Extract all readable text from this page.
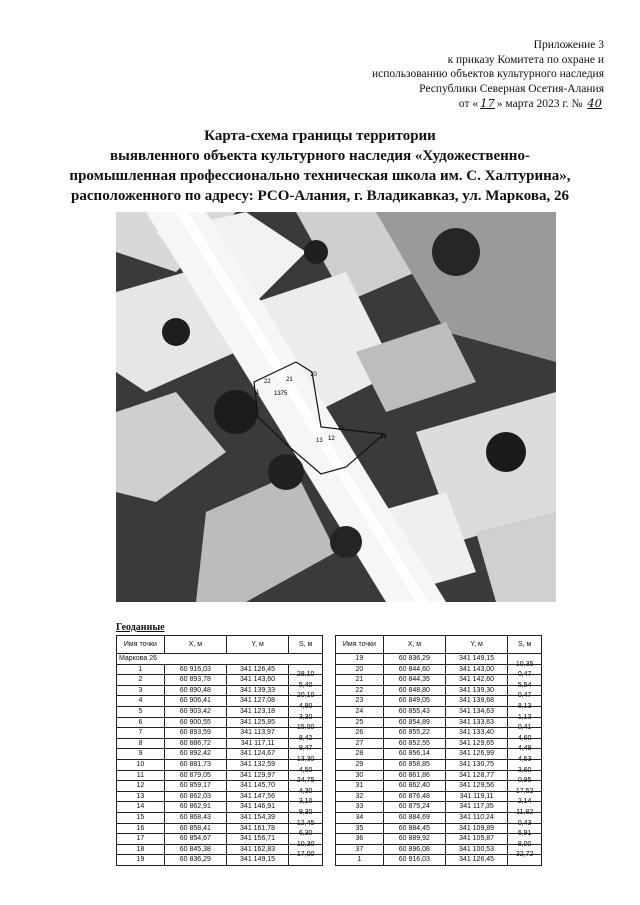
Приложение 3
к приказу Комитета по охране и
использованию объектов культурного наследия
Республики Северная Осетия-Алания
от « 17 » марта 2023 г. № 40
Карта-схема границы территории
выявленного объекта культурного наследия «Художественно-
промышленная профессионально техническая школа им. С. Халтурина»,
расположенного по адресу: РСО-Алания, г. Владикавказ, ул. Маркова, 26
10
22	21
1
13 12
11
16
1375
Геоданные
Имя точки	X, м	Y, м	S, м
Маркова 26			
1	60 916,03	341 126,45	
2	60 893,78	341 143,60	28,10
3	60 890,48	341 139,33	5,40
4	60 906,41	341 127,08	20,10
5	60 903,42	341 123,18	4,90
6	60 900,55	341 125,85	3,30
7	60 893,59	341 113,97	15,00
8	60 886,72	341 117,11	8,42
9	60 892,42	341 124,67	9,47
10	60 881,73	341 132,59	13,30
11	60 879,05	341 129,97	4,50
12	60 859,17	341 145,70	24,75
13	60 862,03	341 147,56	4,30
14	60 862,91	341 146,91	3,10
15	60 868,43	341 154,39	9,30
16	60 858,41	341 161,78	12,45
17	60 854,67	341 156,71	6,30
18	60 845,38	341 162,83	10,30
19	60 836,29	341 149,15	17,00
Имя точки	X, м	Y, м	S, м
19	60 836,29	341 149,15	
20	60 844,60	341 143,00	10,35
21	60 844,35	341 142,60	0,47
22	60 848,80	341 139,30	5,54
23	60 849,05	341 139,68	0,47
24	60 855,43	341 134,63	8,13
25	60 854,89	341 133,63	1,13
26	60 855,22	341 133,40	0,41
27	60 852,55	341 129,65	4,60
28	60 856,14	341 126,99	4,49
29	60 858,85	341 130,75	4,63
30	60 861,86	341 128,77	3,60
31	60 862,40	341 129,56	0,95
32	60 876,48	341 119,11	17,52
33	60 875,24	341 117,35	2,14
34	60 884,69	341 110,24	11,82
35	60 884,45	341 109,89	0,43
36	60 889,92	341 105,87	6,91
37	60 896,08	341 100,53	8,00
1	60 916,03	341 126,45	32,72
